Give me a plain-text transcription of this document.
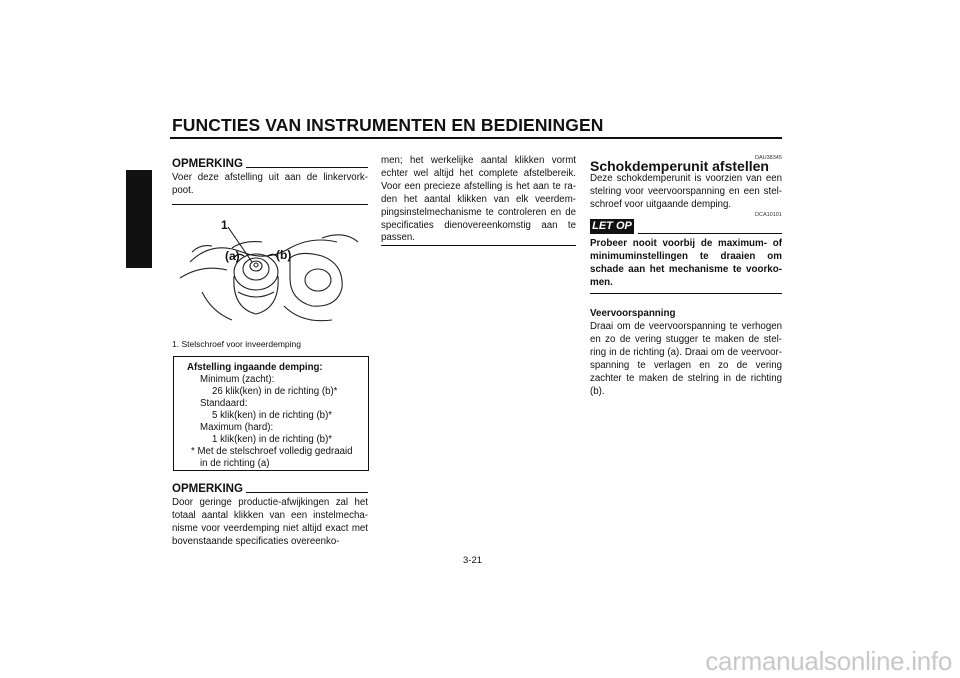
FUNCTIES VAN INSTRUMENTEN EN BEDIENINGEN
3
OPMERKING

Voer deze afstelling uit aan de linkervork-poot.

1
(a)	(b)
1. Stelschroef voor inveerdemping
Afstelling ingaande demping:
Minimum (zacht):
26 klik(ken) in de richting (b)*
Standaard:
5 klik(ken) in de richting (b)*
Maximum (hard):
1 klik(ken) in de richting (b)*
* Met de stelschroef volledig gedraaid
in de richting (a)
OPMERKING

Door geringe productie-afwijkingen zal het totaal aantal klikken van een instelmecha-nisme voor veerdemping niet altijd exact met bovenstaande specificaties overeenko-

men; het werkelijke aantal klikken vormt echter wel altijd het complete afstelbereik. Voor een precieze afstelling is het aan te ra-den het aantal klikken van elk veerdem-pingsinstelmechanisme te controleren en de specificaties dienovereenkomstig aan te passen.

DAU38345
Schokdemperunit afstellen

Deze schokdemperunit is voorzien van een stelring voor veervoorspanning en een stel-schroef voor uitgaande demping.

DCA10101
LET OP

Probeer nooit voorbij de maximum- of minimuminstellingen te draaien om schade aan het mechanisme te voorko-men.

Veervoorspanning

Draai om de veervoorspanning te verhogen en zo de vering stugger te maken de stel-ring in de richting (a). Draai om de veervoor-spanning te verlagen en zo de vering zachter te maken de stelring in de richting (b).

3-21
carmanualsonline.info
